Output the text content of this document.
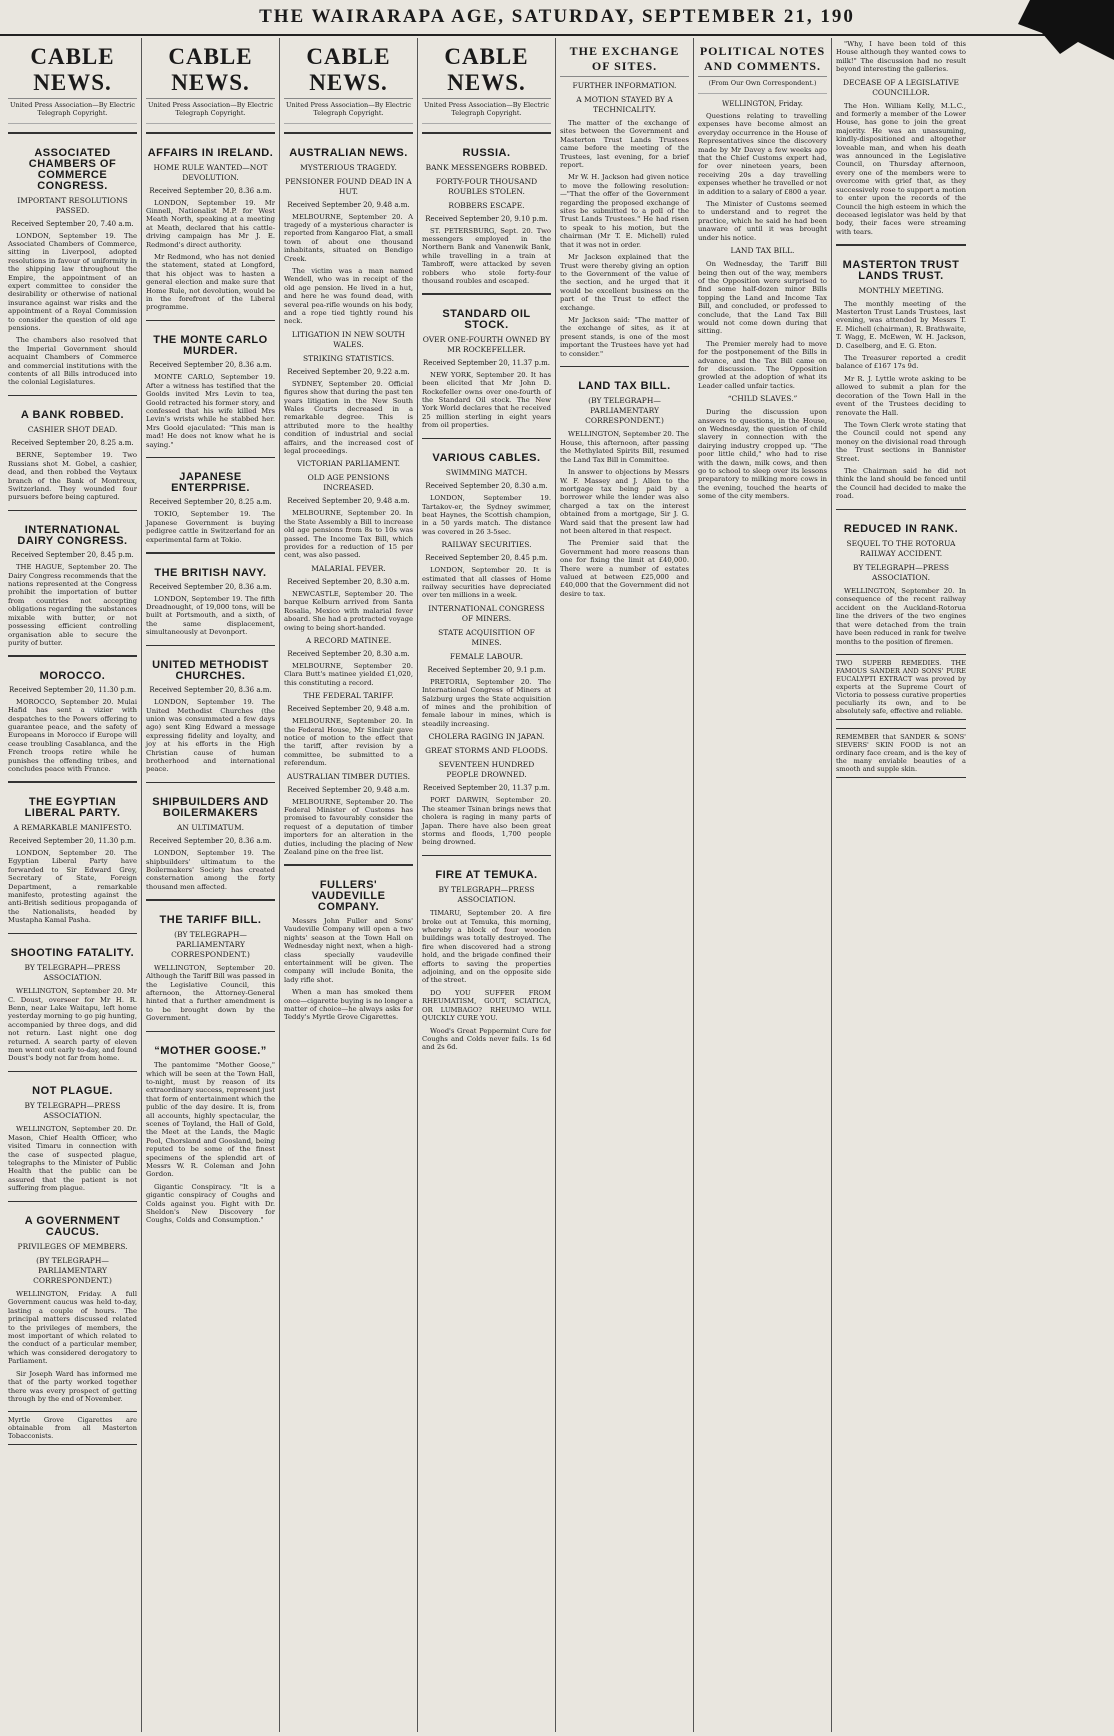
THE WAIRARAPA AGE, SATURDAY, SEPTEMBER 21, 190
CABLE NEWS.
United Press Association—By Electric Telegraph Copyright.
ASSOCIATED CHAMBERS OF COMMERCE CONGRESS.
IMPORTANT RESOLUTIONS PASSED.
Received September 20, 7.40 a.m.

LONDON, September 19. The Associated Chambers of Commerce, sitting in Liverpool, adopted resolutions in favour of uniformity in the shipping law throughout the Empire, the appointment of an expert committee to consider the desirability or otherwise of national insurance against war risks and the appointment of a Royal Commission to consider the question of old age pensions.

The chambers also resolved that the Imperial Government should acquaint Chambers of Commerce and commercial institutions with the contents of all Bills introduced into the colonial Legislatures.

A BANK ROBBED.
CASHIER SHOT DEAD.
Received September 20, 8.25 a.m.

BERNE, September 19. Two Russians shot M. Gobel, a cashier, dead, and then robbed the Veytaux branch of the Bank of Montreux, Switzerland. They wounded four pursuers before being captured.

INTERNATIONAL DAIRY CONGRESS.
Received September 20, 8.45 p.m.

THE HAGUE, September 20. The Dairy Congress recommends that the nations represented at the Congress prohibit the importation of butter from countries not accepting obligations regarding the substances mixable with butter, or not possessing efficient controlling organisation able to secure the purity of butter.

MOROCCO.
Received September 20, 11.30 p.m.

MOROCCO, September 20. Mulai Hafid has sent a vizier with despatches to the Powers offering to guarantee peace, and the safety of Europeans in Morocco if Europe will cease troubling Casablanca, and the French troops retire while he punishes the offending tribes, and concludes peace with France.

THE EGYPTIAN LIBERAL PARTY.
A REMARKABLE MANIFESTO.
Received September 20, 11.30 p.m.

LONDON, September 20. The Egyptian Liberal Party have forwarded to Sir Edward Grey, Secretary of State, Foreign Department, a remarkable manifesto, protesting against the anti-British seditious propaganda of the Nationalists, headed by Mustapha Kamal Pasha.

SHOOTING FATALITY.
BY TELEGRAPH—PRESS ASSOCIATION.

WELLINGTON, September 20. Mr C. Doust, overseer for Mr H. R. Benn, near Lake Waitapu, left home yesterday morning to go pig hunting, accompanied by three dogs, and did not return. Last night one dog returned. A search party of eleven men went out early to-day, and found Doust's body not far from home.

NOT PLAGUE.
BY TELEGRAPH—PRESS ASSOCIATION.

WELLINGTON, September 20. Dr. Mason, Chief Health Officer, who visited Timaru in connection with the case of suspected plague, telegraphs to the Minister of Public Health that the public can be assured that the patient is not suffering from plague.

A GOVERNMENT CAUCUS.
PRIVILEGES OF MEMBERS.
(BY TELEGRAPH—PARLIAMENTARY CORRESPONDENT.)

WELLINGTON, Friday. A full Government caucus was held to-day, lasting a couple of hours. The principal matters discussed related to the privileges of members, the most important of which related to the conduct of a particular member, which was considered derogatory to Parliament.

Sir Joseph Ward has informed me that of the party worked together there was every prospect of getting through by the end of November.

Myrtle Grove Cigarettes are obtainable from all Masterton Tobacconists.
CABLE NEWS.
United Press Association—By Electric Telegraph Copyright.
AFFAIRS IN IRELAND.
HOME RULE WANTED—NOT DEVOLUTION.
Received September 20, 8.36 a.m.

LONDON, September 19. Mr Ginnell, Nationalist M.P. for West Meath North, speaking at a meeting at Meath, declared that his cattle-driving campaign has Mr J. E. Redmond's direct authority.

Mr Redmond, who has not denied the statement, stated at Longford, that his object was to hasten a general election and make sure that Home Rule, not devolution, would be in the forefront of the Liberal programme.

THE MONTE CARLO MURDER.
Received September 20, 8.36 a.m.

MONTE CARLO, September 19. After a witness has testified that the Goolds invited Mrs Levin to tea, Goold retracted his former story, and confessed that his wife killed Mrs Levin's wrists while he stabbed her. Mrs Goold ejaculated: "This man is mad! He does not know what he is saying."

JAPANESE ENTERPRISE.
Received September 20, 8.25 a.m.

TOKIO, September 19. The Japanese Government is buying pedigree cattle in Switzerland for an experimental farm at Tokio.

THE BRITISH NAVY.
Received September 20, 8.36 a.m.

LONDON, September 19. The fifth Dreadnought, of 19,000 tons, will be built at Portsmouth, and a sixth, of the same displacement, simultaneously at Devonport.

UNITED METHODIST CHURCHES.
Received September 20, 8.36 a.m.

LONDON, September 19. The United Methodist Churches (the union was consummated a few days ago) sent King Edward a message expressing fidelity and loyalty, and joy at his efforts in the High Christian cause of human brotherhood and international peace.

SHIPBUILDERS AND BOILERMAKERS
AN ULTIMATUM.
Received September 20, 8.36 a.m.

LONDON, September 19. The shipbuilders' ultimatum to the Boilermakers' Society has created consternation among the forty thousand men affected.

THE TARIFF BILL.
(BY TELEGRAPH—PARLIAMENTARY CORRESPONDENT.)

WELLINGTON, September 20. Although the Tariff Bill was passed in the Legislative Council, this afternoon, the Attorney-General hinted that a further amendment is to be brought down by the Government.

“MOTHER GOOSE.”

The pantomime "Mother Goose," which will be seen at the Town Hall, to-night, must by reason of its extraordinary success, represent just that form of entertainment which the public of the day desire. It is, from all accounts, highly spectacular, the scenes of Toyland, the Hall of Gold, the Meet at the Lands, the Magic Pool, Chorsland and Goosland, being reputed to be some of the finest specimens of the splendid art of Messrs W. R. Coleman and John Gordon.

Gigantic Conspiracy. "It is a gigantic conspiracy of Coughs and Colds against you. Fight with Dr. Sheldon's New Discovery for Coughs, Colds and Consumption."

CABLE NEWS.
United Press Association—By Electric Telegraph Copyright.
AUSTRALIAN NEWS.
MYSTERIOUS TRAGEDY.
PENSIONER FOUND DEAD IN A HUT.
Received September 20, 9.48 a.m.

MELBOURNE, September 20. A tragedy of a mysterious character is reported from Kangaroo Flat, a small town of about one thousand inhabitants, situated on Bendigo Creek.

The victim was a man named Wendell, who was in receipt of the old age pension. He lived in a hut, and here he was found dead, with several pea-rifle wounds on his body, and a rope tied tightly round his neck.

LITIGATION IN NEW SOUTH WALES.
STRIKING STATISTICS.
Received September 20, 9.22 a.m.

SYDNEY, September 20. Official figures show that during the past ten years litigation in the New South Wales Courts decreased in a remarkable degree. This is attributed more to the healthy condition of industrial and social affairs, and the increased cost of legal proceedings.

VICTORIAN PARLIAMENT.
OLD AGE PENSIONS INCREASED.
Received September 20, 9.48 a.m.

MELBOURNE, September 20. In the State Assembly a Bill to increase old age pensions from 8s to 10s was passed. The Income Tax Bill, which provides for a reduction of 15 per cent, was also passed.

MALARIAL FEVER.
Received September 20, 8.30 a.m.

NEWCASTLE, September 20. The barque Kelburn arrived from Santa Rosalia, Mexico with malarial fever aboard. She had a protracted voyage owing to being short-handed.

A RECORD MATINEE.
Received September 20, 8.30 a.m.

MELBOURNE, September 20. Clara Butt's matinee yielded £1,020, this constituting a record.

THE FEDERAL TARIFF.
Received September 20, 9.48 a.m.

MELBOURNE, September 20. In the Federal House, Mr Sinclair gave notice of motion to the effect that the tariff, after revision by a committee, be submitted to a referendum.

AUSTRALIAN TIMBER DUTIES.
Received September 20, 9.48 a.m.

MELBOURNE, September 20. The Federal Minister of Customs has promised to favourably consider the request of a deputation of timber importers for an alteration in the duties, including the placing of New Zealand pine on the free list.

FULLERS' VAUDEVILLE COMPANY.

Messrs John Fuller and Sons' Vaudeville Company will open a two nights' season at the Town Hall on Wednesday night next, when a high-class specially vaudeville entertainment will be given. The company will include Bonita, the lady rifle shot.

When a man has smoked them once—cigarette buying is no longer a matter of choice—he always asks for Teddy's Myrtle Grove Cigarettes.

CABLE NEWS.
United Press Association—By Electric Telegraph Copyright.
RUSSIA.
BANK MESSENGERS ROBBED.
FORTY-FOUR THOUSAND ROUBLES STOLEN.
ROBBERS ESCAPE.
Received September 20, 9.10 p.m.

ST. PETERSBURG, Sept. 20. Two messengers employed in the Northern Bank and Vanenwik Bank, while travelling in a train at Tambroff, were attacked by seven robbers who stole forty-four thousand roubles and escaped.

STANDARD OIL STOCK.
OVER ONE-FOURTH OWNED BY MR ROCKEFELLER.
Received September 20, 11.37 p.m.

NEW YORK, September 20. It has been elicited that Mr John D. Rockefeller owns over one-fourth of the Standard Oil stock. The New York World declares that he received 25 million sterling in eight years from oil properties.

VARIOUS CABLES.
SWIMMING MATCH.
Received September 20, 8.30 a.m.

LONDON, September 19. Tartakov-er, the Sydney swimmer, beat Haynes, the Scottish champion, in a 50 yards match. The distance was covered in 26 3-5sec.

RAILWAY SECURITIES.
Received September 20, 8.45 p.m.

LONDON, September 20. It is estimated that all classes of Home railway securities have depreciated over ten millions in a week.

INTERNATIONAL CONGRESS OF MINERS.
STATE ACQUISITION OF MINES.
FEMALE LABOUR.
Received September 20, 9.1 p.m.

PRETORIA, September 20. The International Congress of Miners at Salzburg urges the State acquisition of mines and the prohibition of female labour in mines, which is steadily increasing.

CHOLERA RAGING IN JAPAN.
GREAT STORMS AND FLOODS.
SEVENTEEN HUNDRED PEOPLE DROWNED.
Received September 20, 11.37 p.m.

PORT DARWIN, September 20. The steamer Tsinan brings news that cholera is raging in many parts of Japan. There have also been great storms and floods, 1,700 people being drowned.

FIRE AT TEMUKA.
BY TELEGRAPH—PRESS ASSOCIATION.

TIMARU, September 20. A fire broke out at Temuka, this morning, whereby a block of four wooden buildings was totally destroyed. The fire when discovered had a strong hold, and the brigade confined their efforts to saving the properties adjoining, and on the opposite side of the street.

DO YOU SUFFER FROM RHEUMATISM, GOUT, SCIATICA, OR LUMBAGO? RHEUMO WILL QUICKLY CURE YOU.

Wood's Great Peppermint Cure for Coughs and Colds never fails. 1s 6d and 2s 6d.

THE EXCHANGE OF SITES.
FURTHER INFORMATION.
A MOTION STAYED BY A TECHNICALITY.

The matter of the exchange of sites between the Government and Masterton Trust Lands Trustees came before the meeting of the Trustees, last evening, for a brief report.

Mr W. H. Jackson had given notice to move the following resolution:—"That the offer of the Government regarding the proposed exchange of sites be submitted to a poll of the Trust Lands Trustees." He had risen to speak to his motion, but the chairman (Mr T. E. Michell) ruled that it was not in order.

Mr Jackson explained that the Trust were thereby giving an option to the Government of the value of the section, and he urged that it would be excellent business on the part of the Trust to effect the exchange.

Mr Jackson said: "The matter of the exchange of sites, as it at present stands, is one of the most important the Trustees have yet had to consider."

LAND TAX BILL.
(BY TELEGRAPH—PARLIAMENTARY CORRESPONDENT.)

WELLINGTON, September 20. The House, this afternoon, after passing the Methylated Spirits Bill, resumed the Land Tax Bill in Committee.

In answer to objections by Messrs W. F. Massey and J. Allen to the mortgage tax being paid by a borrower while the lender was also charged a tax on the interest obtained from a mortgage, Sir J. G. Ward said that the present law had not been altered in that respect.

The Premier said that the Government had more reasons than one for fixing the limit at £40,000. There were a number of estates valued at between £25,000 and £40,000 that the Government did not desire to tax.

POLITICAL NOTES AND COMMENTS.
(From Our Own Correspondent.)
WELLINGTON, Friday.

Questions relating to travelling expenses have become almost an everyday occurrence in the House of Representatives since the discovery made by Mr Davey a few weeks ago that the Chief Customs expert had, for over nineteen years, been receiving 20s a day travelling expenses whether he travelled or not in addition to a salary of £800 a year.

The Minister of Customs seemed to understand and to regret the practice, which he said he had been unaware of until it was brought under his notice.

LAND TAX BILL.

On Wednesday, the Tariff Bill being then out of the way, members of the Opposition were surprised to find some half-dozen minor Bills topping the Land and Income Tax Bill, and concluded, or professed to conclude, that the Land Tax Bill would not come down during that sitting.

The Premier merely had to move for the postponement of the Bills in advance, and the Tax Bill came on for discussion. The Opposition growled at the adoption of what its Leader called unfair tactics.

“CHILD SLAVES.”

During the discussion upon answers to questions, in the House, on Wednesday, the question of child slavery in connection with the dairying industry cropped up. "The poor little child," who had to rise with the dawn, milk cows, and then go to school to sleep over its lessons preparatory to milking more cows in the evening, touched the hearts of some of the city members.

"Why, I have been told of this House although they wanted cows to milk!" The discussion had no result beyond interesting the galleries.

DECEASE OF A LEGISLATIVE COUNCILLOR.

The Hon. William Kelly, M.L.C., and formerly a member of the Lower House, has gone to join the great majority. He was an unassuming, kindly-dispositioned and altogether loveable man, and when his death was announced in the Legislative Council, on Thursday afternoon, every one of the members were to overcome with grief that, as they successively rose to support a motion to enter upon the records of the Council the high esteem in which the deceased legislator was held by that body, their faces were streaming with tears.

MASTERTON TRUST LANDS TRUST.
MONTHLY MEETING.

The monthly meeting of the Masterton Trust Lands Trustees, last evening, was attended by Messrs T. E. Michell (chairman), R. Brathwaite, T. Wagg, E. McEwen, W. H. Jackson, D. Caselberg, and E. G. Eton.

The Treasurer reported a credit balance of £167 17s 9d.

Mr R. J. Lyttle wrote asking to be allowed to submit a plan for the decoration of the Town Hall in the event of the Trustees deciding to renovate the Hall.

The Town Clerk wrote stating that the Council could not spend any money on the divisional road through the Trust sections in Bannister Street.

The Chairman said he did not think the land should be fenced until the Council had decided to make the road.

REDUCED IN RANK.
SEQUEL TO THE ROTORUA RAILWAY ACCIDENT.
BY TELEGRAPH—PRESS ASSOCIATION.

WELLINGTON, September 20. In consequence of the recent railway accident on the Auckland-Rotorua line the drivers of the two engines that were detached from the train have been reduced in rank for twelve months to the position of firemen.

TWO SUPERB REMEDIES. THE FAMOUS SANDER AND SONS' PURE EUCALYPTI EXTRACT was proved by experts at the Supreme Court of Victoria to possess curative properties peculiarly its own, and to be absolutely safe, effective and reliable.
REMEMBER that SANDER & SONS' SIEVERS' SKIN FOOD is not an ordinary face cream, and is the key of the many enviable beauties of a smooth and supple skin.
